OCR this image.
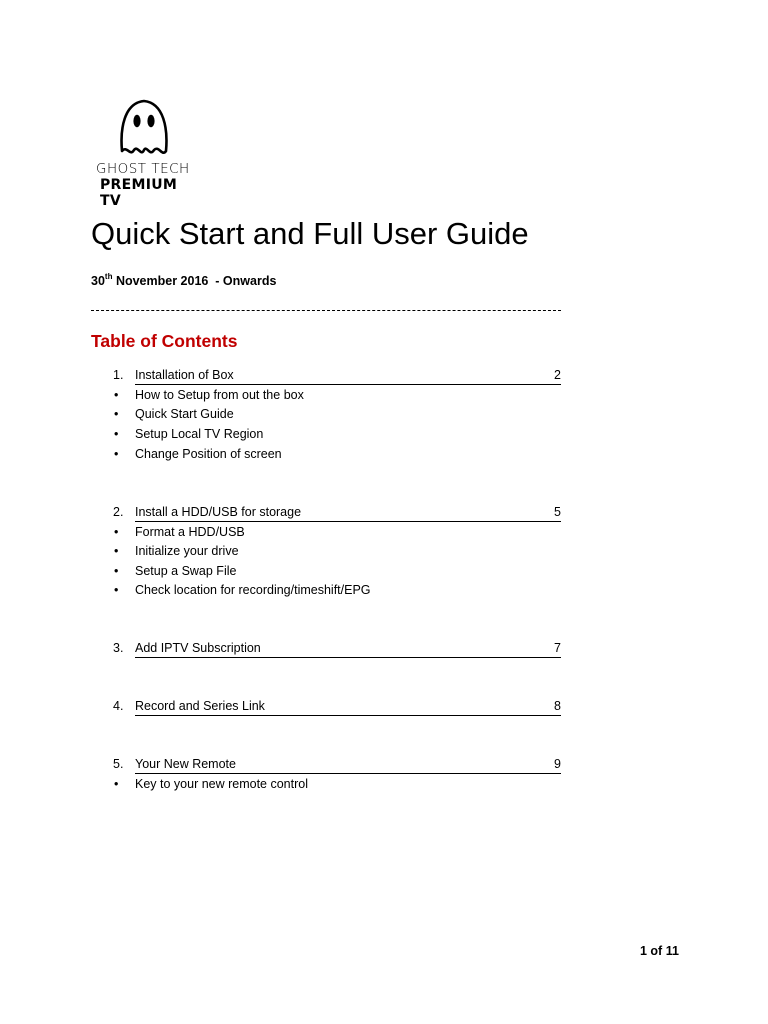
GHOST TECH
PREMIUM TV
Quick Start and Full User Guide
30th November 2016  - Onwards
Table of Contents
1. Installation of Box	2
• How to Setup from out the box
• Quick Start Guide
• Setup Local TV Region
• Change Position of screen
2. Install a HDD/USB for storage	5
• Format a HDD/USB
• Initialize your drive
• Setup a Swap File
• Check location for recording/timeshift/EPG
3. Add IPTV Subscription	7
4. Record and Series Link	8
5. Your New Remote	9
• Key to your new remote control
1 of 11
